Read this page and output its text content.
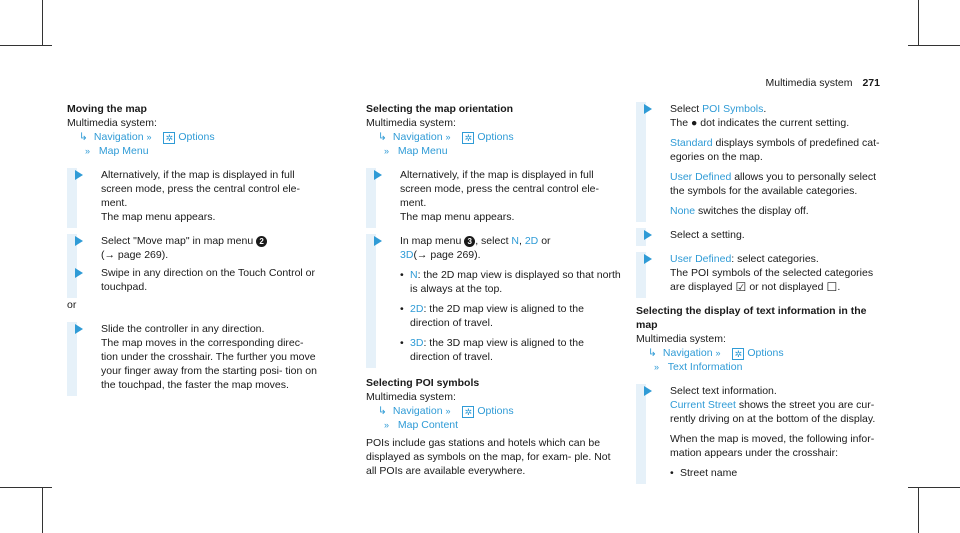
Multimedia system 271
Moving the map
Multimedia system:
↳ Navigation » ✲ Options
» Map Menu
Alternatively, if the map is displayed in full screen mode, press the central control ele‐ ment.
The map menu appears.
Select "Move map" in map menu 2
(→ page 269).
Swipe in any direction on the Touch Control or touchpad.
or
Slide the controller in any direction.
The map moves in the corresponding direc‐ tion under the crosshair. The further you move your finger away from the starting posi‐ tion on the touchpad, the faster the map moves.
Selecting the map orientation
Multimedia system:
↳ Navigation » ✲ Options
» Map Menu
Alternatively, if the map is displayed in full screen mode, press the central control ele‐ ment.
The map menu appears.
In map menu 3 , select N, 2D or
3D(→ page 269).
• N: the 2D map view is displayed so that north is always at the top.
• 2D: the 2D map view is aligned to the direction of travel.
• 3D: the 3D map view is aligned to the direction of travel.
Selecting POI symbols
Multimedia system:
↳ Navigation » ✲ Options
» Map Content
POIs include gas stations and hotels which can be displayed as symbols on the map, for exam‐ ple. Not all POIs are available everywhere.
Select POI Symbols.
The ● dot indicates the current setting.
Standard displays symbols of predefined cat‐ egories on the map.
User Defined allows you to personally select the symbols for the available categories.
None switches the display off.
Select a setting.
User Defined: select categories.
The POI symbols of the selected categories are displayed ☑ or not displayed ☐.
Selecting the display of text information in the map
Multimedia system:
↳ Navigation » ✲ Options
» Text Information
Select text information.
Current Street shows the street you are cur‐ rently driving on at the bottom of the display.
When the map is moved, the following infor‐ mation appears under the crosshair:
• Street name
